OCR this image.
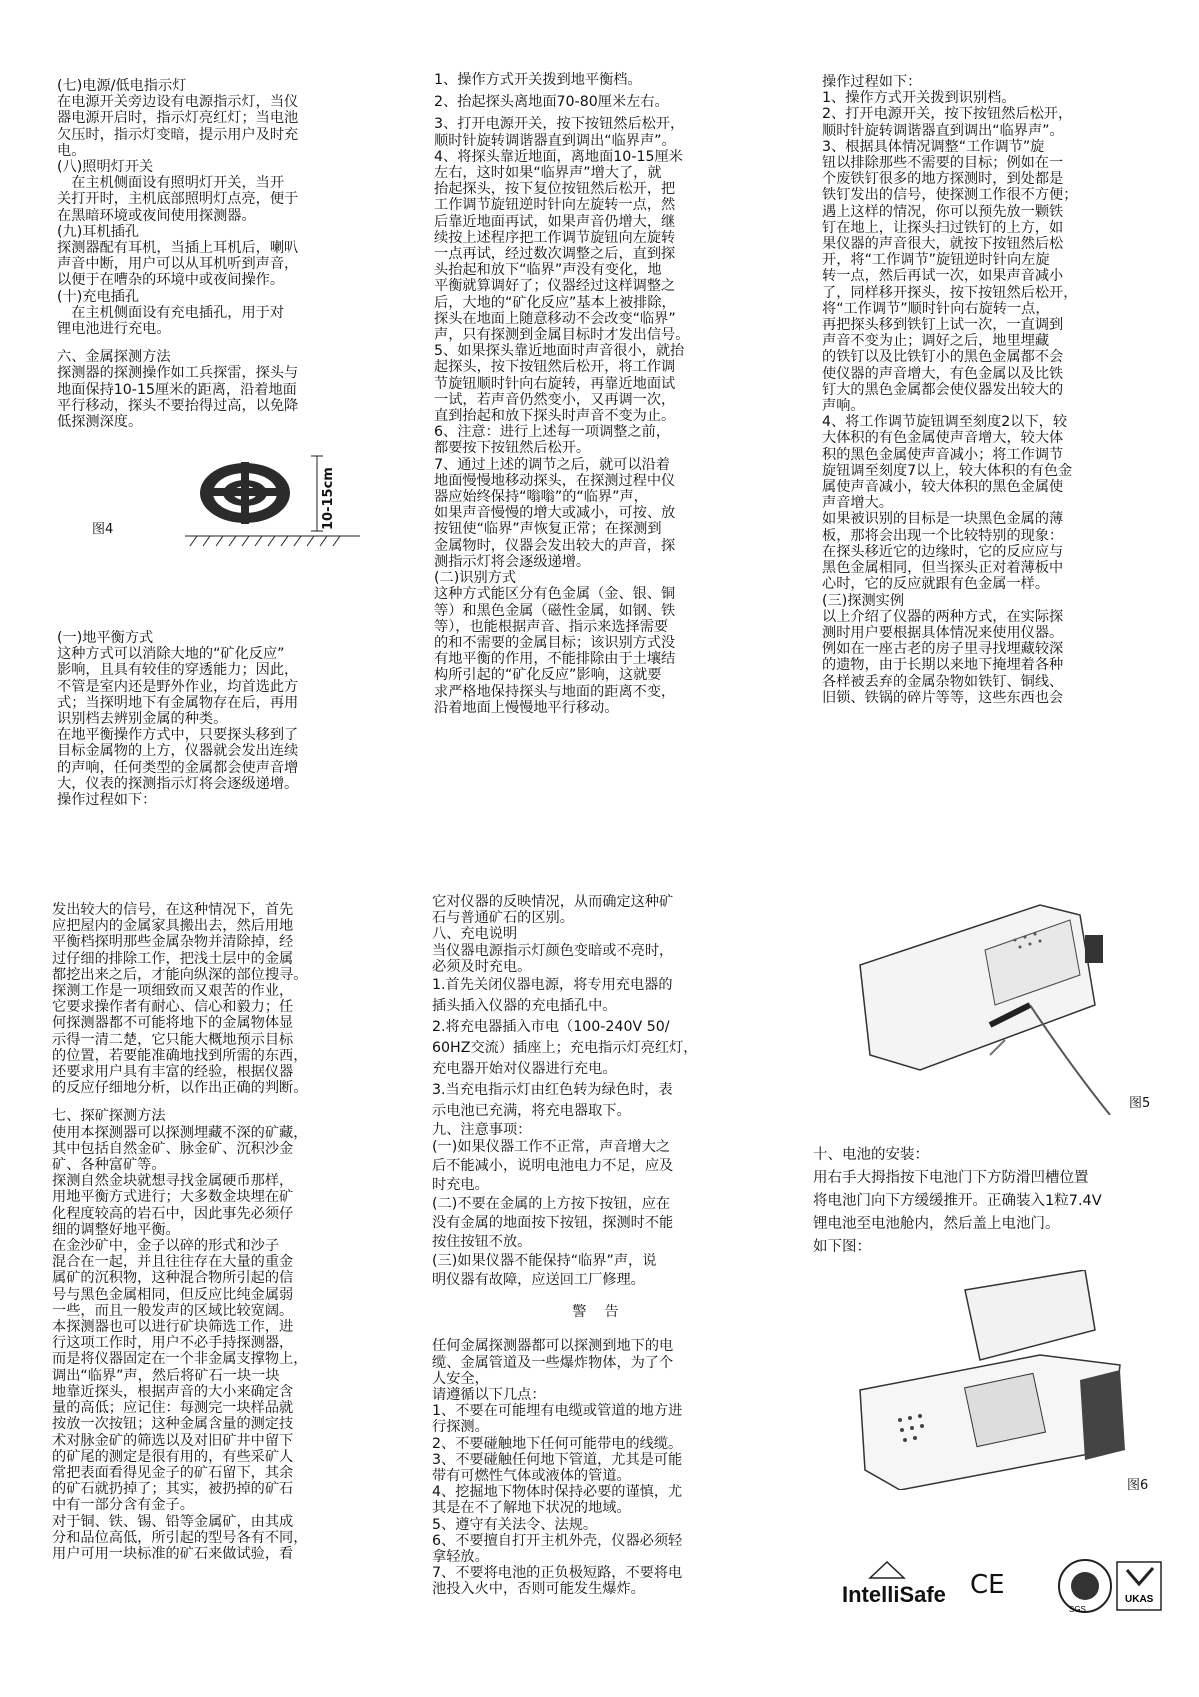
(七)电源/低电指示灯

在电源开关旁边设有电源指示灯，当仪
器电源开启时，指示灯亮红灯；当电池
欠压时，指示灯变暗，提示用户及时充
电。

(八)照明灯开关

　在主机侧面设有照明灯开关，当开
关打开时，主机底部照明灯点亮，便于
在黑暗环境或夜间使用探测器。

(九)耳机插孔

探测器配有耳机，当插上耳机后，喇叭
声音中断，用户可以从耳机听到声音，
以便于在嘈杂的环境中或夜间操作。

(十)充电插孔

　在主机侧面设有充电插孔，用于对
锂电池进行充电。

六、金属探测方法

探测器的探测操作如工兵探雷，探头与
地面保持10-15厘米的距离，沿着地面
平行移动，探头不要抬得过高，以免降
低探测深度。

10-15cm
图4

(一)地平衡方式

这种方式可以消除大地的“矿化反应”
影响，且具有较佳的穿透能力；因此，
不管是室内还是野外作业，均首选此方
式；当探明地下有金属物存在后，再用
识别档去辨别金属的种类。

在地平衡操作方式中，只要探头移到了
目标金属物的上方，仪器就会发出连续
的声响，任何类型的金属都会使声音增
大，仪表的探测指示灯将会逐级递增。
操作过程如下：

1、操作方式开关拨到地平衡档。

2、抬起探头离地面70-80厘米左右。

3、打开电源开关，按下按钮然后松开，
顺时针旋转调谐器直到调出“临界声”。

4、将探头靠近地面，离地面10-15厘米
左右，这时如果“临界声”增大了，就
抬起探头，按下复位按钮然后松开，把
工作调节旋钮逆时针向左旋转一点，然
后靠近地面再试，如果声音仍增大，继
续按上述程序把工作调节旋钮向左旋转
一点再试，经过数次调整之后，直到探
头抬起和放下“临界”声没有变化，地
平衡就算调好了；仪器经过这样调整之
后，大地的“矿化反应”基本上被排除，
探头在地面上随意移动不会改变“临界”
声，只有探测到金属目标时才发出信号。

5、如果探头靠近地面时声音很小，就抬
起探头，按下按钮然后松开，将工作调
节旋钮顺时针向右旋转，再靠近地面试
一试，若声音仍然变小，又再调一次，
直到抬起和放下探头时声音不变为止。

6、注意：进行上述每一项调整之前，
都要按下按钮然后松开。

7、通过上述的调节之后，就可以沿着
地面慢慢地移动探头，在探测过程中仪
器应始终保持“嗡嗡”的“临界”声，
如果声音慢慢的增大或减小，可按、放
按钮使“临界”声恢复正常；在探测到
金属物时，仪器会发出较大的声音，探
测指示灯将会逐级递增。

(二)识别方式

这种方式能区分有色金属（金、银、铜
等）和黑色金属（磁性金属，如钢、铁
等），也能根据声音、指示来选择需要
的和不需要的金属目标；该识别方式没
有地平衡的作用，不能排除由于土壤结
构所引起的“矿化反应”影响，这就要
求严格地保持探头与地面的距离不变，
沿着地面上慢慢地平行移动。

操作过程如下：

1、操作方式开关拨到识别档。

2、打开电源开关，按下按钮然后松开，
顺时针旋转调谐器直到调出“临界声”。

3、根据具体情况调整“工作调节”旋
钮以排除那些不需要的目标；例如在一
个废铁钉很多的地方探测时，到处都是
铁钉发出的信号，使探测工作很不方便；
遇上这样的情况，你可以预先放一颗铁
钉在地上，让探头扫过铁钉的上方，如
果仪器的声音很大，就按下按钮然后松
开，将“工作调节”旋钮逆时针向左旋
转一点，然后再试一次，如果声音减小
了，同样移开探头，按下按钮然后松开，
将“工作调节”顺时针向右旋转一点，
再把探头移到铁钉上试一次，一直调到
声音不变为止；调好之后，地里埋藏
的铁钉以及比铁钉小的黑色金属都不会
使仪器的声音增大，有色金属以及比铁
钉大的黑色金属都会使仪器发出较大的
声响。

4、将工作调节旋钮调至刻度2以下，较
大体积的有色金属使声音增大，较大体
积的黑色金属使声音减小；将工作调节
旋钮调至刻度7以上，较大体积的有色金
属使声音减小，较大体积的黑色金属使
声音增大。

如果被识别的目标是一块黑色金属的薄
板，那将会出现一个比较特别的现象：
在探头移近它的边缘时，它的反应应与
黑色金属相同，但当探头正对着薄板中
心时，它的反应就跟有色金属一样。

(三)探测实例

以上介绍了仪器的两种方式，在实际探
测时用户要根据具体情况来使用仪器。
例如在一座古老的房子里寻找埋藏较深
的遗物，由于长期以来地下掩埋着各种
各样被丢弃的金属杂物如铁钉、铜线、
旧锁、铁锅的碎片等等，这些东西也会

发出较大的信号，在这种情况下，首先
应把屋内的金属家具搬出去，然后用地
平衡档探明那些金属杂物并清除掉，经
过仔细的排除工作，把浅土层中的金属
都挖出来之后，才能向纵深的部位搜寻。
探测工作是一项细致而又艰苦的作业，
它要求操作者有耐心、信心和毅力；任
何探测器都不可能将地下的金属物体显
示得一清二楚，它只能大概地预示目标
的位置，若要能准确地找到所需的东西，
还要求用户具有丰富的经验，根据仪器
的反应仔细地分析，以作出正确的判断。

七、探矿探测方法

使用本探测器可以探测埋藏不深的矿藏，
其中包括自然金矿、脉金矿、沉积沙金
矿、各种富矿等。

探测自然金块就想寻找金属硬币那样，
用地平衡方式进行；大多数金块埋在矿
化程度较高的岩石中，因此事先必须仔
细的调整好地平衡。

在金沙矿中，金子以碎的形式和沙子
混合在一起，并且往往存在大量的重金
属矿的沉积物，这种混合物所引起的信
号与黑色金属相同，但反应比纯金属弱
一些，而且一般发声的区域比较宽阔。

本探测器也可以进行矿块筛选工作，进
行这项工作时，用户不必手持探测器，
而是将仪器固定在一个非金属支撑物上，
调出“临界”声，然后将矿石一块一块
地靠近探头，根据声音的大小来确定含
量的高低；应记住：每测完一块样品就
按放一次按钮；这种金属含量的测定技
术对脉金矿的筛选以及对旧矿井中留下
的矿尾的测定是很有用的，有些采矿人
常把表面看得见金子的矿石留下，其余
的矿石就扔掉了；其实，被扔掉的矿石
中有一部分含有金子。

对于铜、铁、锡、铅等金属矿，由其成
分和品位高低，所引起的型号各有不同，
用户可用一块标准的矿石来做试验，看

它对仪器的反映情况，从而确定这种矿
石与普通矿石的区别。

八、充电说明

当仪器电源指示灯颜色变暗或不亮时，
必须及时充电。

1.首先关闭仪器电源，将专用充电器的
插头插入仪器的充电插孔中。

2.将充电器插入市电（100-240V 50/
60HZ交流）插座上；充电指示灯亮红灯，
充电器开始对仪器进行充电。

3.当充电指示灯由红色转为绿色时，表
示电池已充满，将充电器取下。

九、注意事项：

(一)如果仪器工作不正常，声音增大之
后不能减小，说明电池电力不足，应及
时充电。

(二)不要在金属的上方按下按钮，应在
没有金属的地面按下按钮，探测时不能
按住按钮不放。

(三)如果仪器不能保持“临界”声，说
明仪器有故障，应送回工厂修理。

警告

任何金属探测器都可以探测到地下的电
缆、金属管道及一些爆炸物体，为了个
人安全，
请遵循以下几点：

1、不要在可能埋有电缆或管道的地方进
行探测。

2、不要碰触地下任何可能带电的线缆。

3、不要碰触任何地下管道，尤其是可能
带有可燃性气体或液体的管道。

4、挖掘地下物体时保持必要的谨慎，尤
其是在不了解地下状况的地域。

5、遵守有关法令、法规。

6、不要擅自打开主机外壳，仪器必须轻
拿轻放。

7、不要将电池的正负极短路，不要将电
池投入火中，否则可能发生爆炸。

图5

十、电池的安装：

用右手大拇指按下电池门下方防滑凹槽位置
将电池门向下方缓缓推开。正确装入1粒7.4V
锂电池至电池舱内，然后盖上电池门。
如下图：

图6
IntelliSafe CE
SGS
UKAS
